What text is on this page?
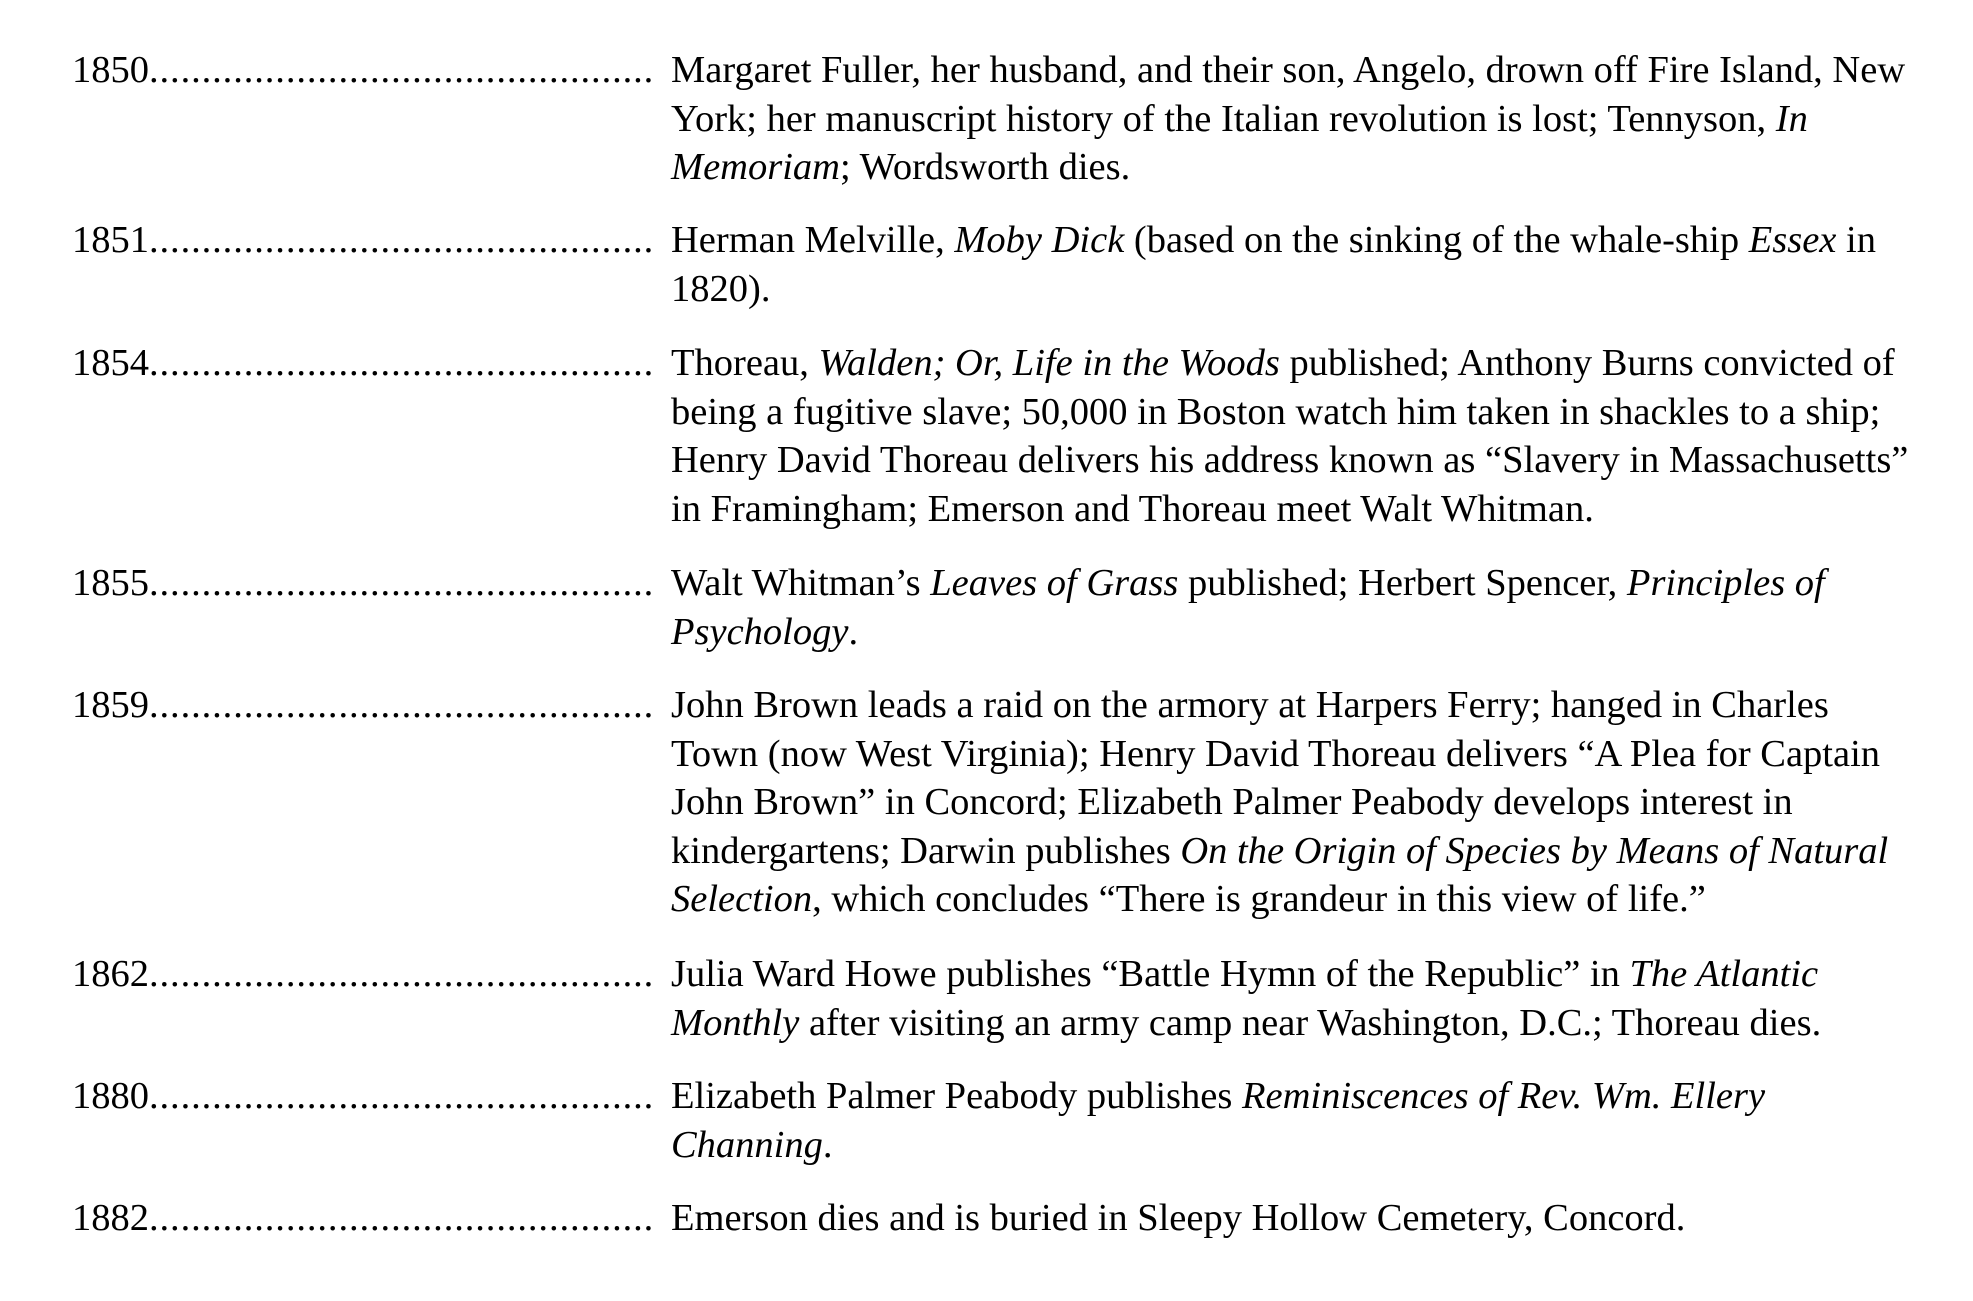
1850................................................ Margaret Fuller, her husband, and their son, Angelo, drown off Fire Island, New
York; her manuscript history of the Italian revolution is lost; Tennyson, In
Memoriam; Wordsworth dies.
1851................................................ Herman Melville, Moby Dick (based on the sinking of the whale-ship Essex in
1820).
1854................................................ Thoreau, Walden; Or, Life in the Woods published; Anthony Burns convicted of
being a fugitive slave; 50,000 in Boston watch him taken in shackles to a ship;
Henry David Thoreau delivers his address known as “Slavery in Massachusetts”
in Framingham; Emerson and Thoreau meet Walt Whitman.
1855................................................ Walt Whitman’s Leaves of Grass published; Herbert Spencer, Principles of
Psychology.
1859................................................ John Brown leads a raid on the armory at Harpers Ferry; hanged in Charles
Town (now West Virginia); Henry David Thoreau delivers “A Plea for Captain
John Brown” in Concord; Elizabeth Palmer Peabody develops interest in
kindergartens; Darwin publishes On the Origin of Species by Means of Natural
Selection, which concludes “There is grandeur in this view of life.”
1862................................................ Julia Ward Howe publishes “Battle Hymn of the Republic” in The Atlantic
Monthly after visiting an army camp near Washington, D.C.; Thoreau dies.
1880................................................ Elizabeth Palmer Peabody publishes Reminiscences of Rev. Wm. Ellery
Channing.
1882................................................ Emerson dies and is buried in Sleepy Hollow Cemetery, Concord.
